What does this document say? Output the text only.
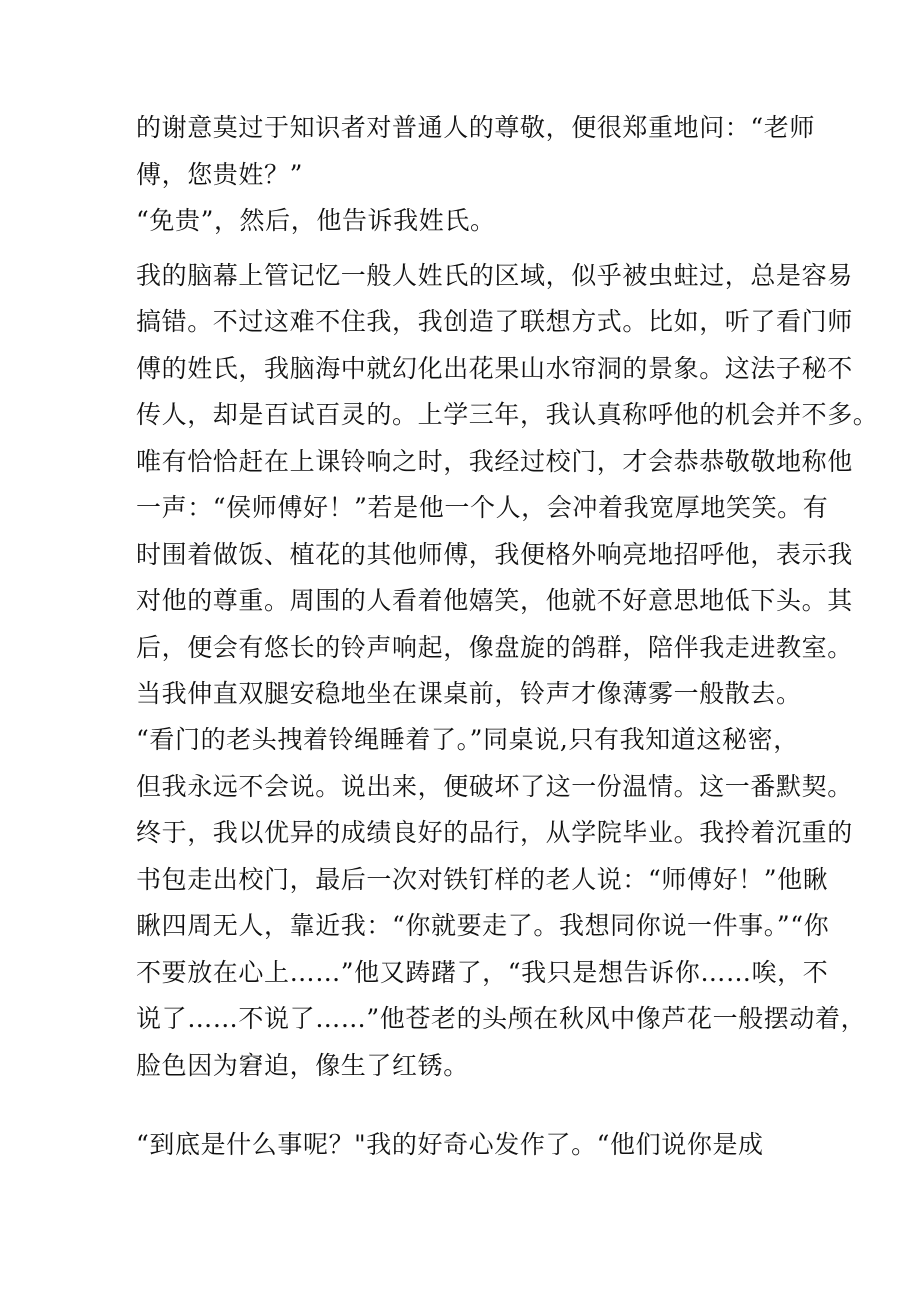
的谢意莫过于知识者对普通人的尊敬，便很郑重地问：“老师
傅，您贵姓？”
“免贵”，然后，他告诉我姓氏。
我的脑幕上管记忆一般人姓氏的区域，似乎被虫蛀过，总是容易
搞错。不过这难不住我，我创造了联想方式。比如，听了看门师
傅的姓氏，我脑海中就幻化出花果山水帘洞的景象。这法子秘不
传人，却是百试百灵的。上学三年，我认真称呼他的机会并不多。
唯有恰恰赶在上课铃响之时，我经过校门，才会恭恭敬敬地称他
一声：“侯师傅好！”若是他一个人，会冲着我宽厚地笑笑。有
时围着做饭、植花的其他师傅，我便格外响亮地招呼他，表示我
对他的尊重。周围的人看着他嬉笑，他就不好意思地低下头。其
后，便会有悠长的铃声响起，像盘旋的鸽群，陪伴我走进教室。
当我伸直双腿安稳地坐在课桌前，铃声才像薄雾一般散去。
“看门的老头拽着铃绳睡着了。”同桌说,只有我知道这秘密，
但我永远不会说。说出来，便破坏了这一份温情。这一番默契。
终于，我以优异的成绩良好的品行，从学院毕业。我拎着沉重的
书包走出校门，最后一次对铁钉样的老人说：“师傅好！”他瞅
瞅四周无人，靠近我：“你就要走了。我想同你说一件事。”“你
不要放在心上……”他又踌躇了，“我只是想告诉你……唉，不
说了……不说了……”他苍老的头颅在秋风中像芦花一般摆动着，
脸色因为窘迫，像生了红锈。
“到底是什么事呢？"我的好奇心发作了。“他们说你是成
